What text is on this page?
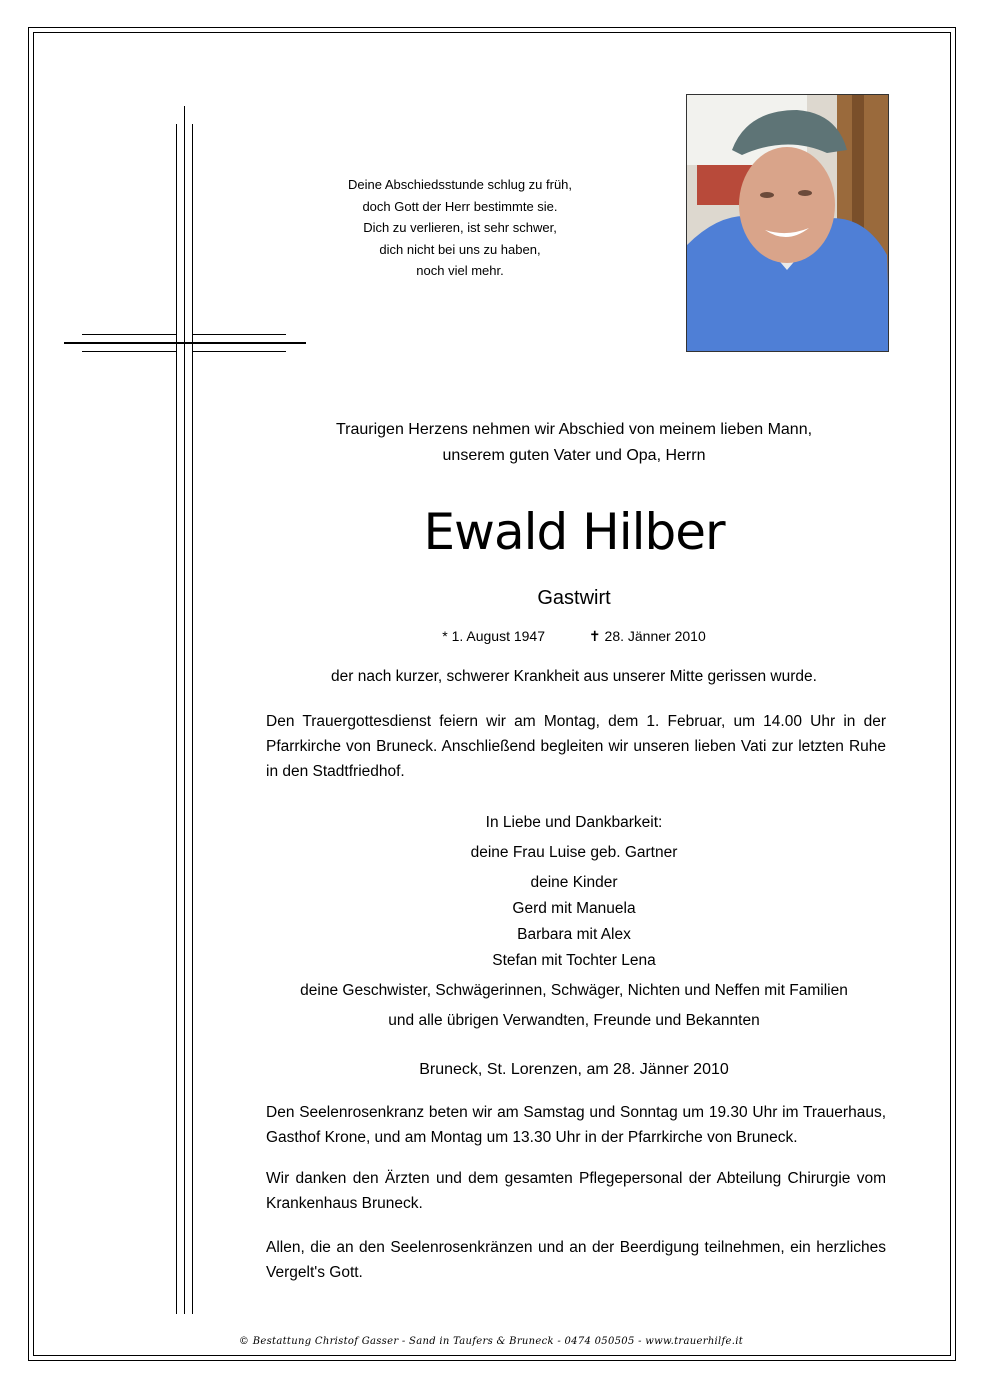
Deine Abschiedsstunde schlug zu früh,
doch Gott der Herr bestimmte sie.
Dich zu verlieren, ist sehr schwer,
dich nicht bei uns zu haben,
noch viel mehr.
Traurigen Herzens nehmen wir Abschied von meinem lieben Mann,
unserem guten Vater und Opa, Herrn
Ewald Hilber
Gastwirt
* 1. August 1947	✝ 28. Jänner 2010
der nach kurzer, schwerer Krankheit aus unserer Mitte gerissen wurde.
Den Trauergottesdienst feiern wir am Montag, dem 1. Februar, um 14.00 Uhr in der Pfarrkirche von Bruneck. Anschließend begleiten wir unseren lieben Vati zur letzten Ruhe in den Stadtfriedhof.
In Liebe und Dankbarkeit:
deine Frau Luise geb. Gartner
deine Kinder
Gerd mit Manuela
Barbara mit Alex
Stefan mit Tochter Lena
deine Geschwister, Schwägerinnen, Schwäger, Nichten und Neffen mit Familien
und alle übrigen Verwandten, Freunde und Bekannten
Bruneck, St. Lorenzen, am 28. Jänner 2010
Den Seelenrosenkranz beten wir am Samstag und Sonntag um 19.30 Uhr im Trauerhaus, Gasthof Krone, und am Montag um 13.30 Uhr in der Pfarrkirche von Bruneck.
Wir danken den Ärzten und dem gesamten Pflegepersonal der Abteilung Chirurgie vom Krankenhaus Bruneck.
Allen, die an den Seelenrosenkränzen und an der Beerdigung teilnehmen, ein herzliches Vergelt's Gott.
© Bestattung Christof Gasser - Sand in Taufers & Bruneck - 0474 050505 - www.trauerhilfe.it
